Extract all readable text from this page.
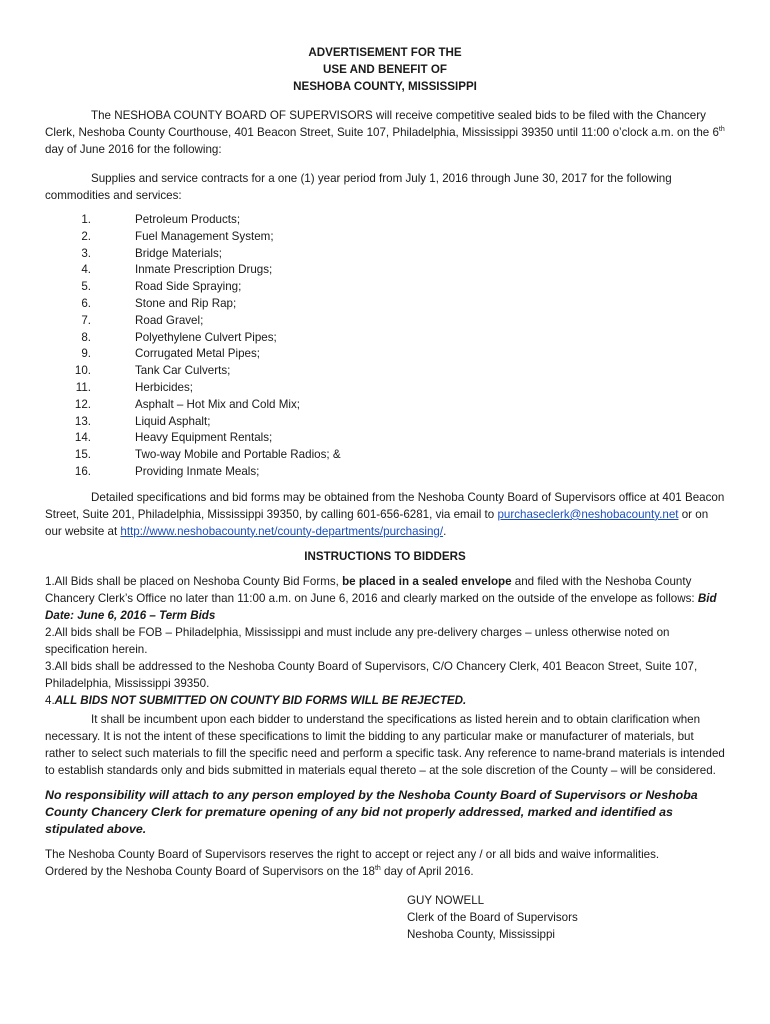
ADVERTISEMENT FOR THE
USE AND BENEFIT OF
NESHOBA COUNTY, MISSISSIPPI

The NESHOBA COUNTY BOARD OF SUPERVISORS will receive competitive sealed bids to be filed with the Chancery Clerk, Neshoba County Courthouse, 401 Beacon Street, Suite 107, Philadelphia, Mississippi 39350 until 11:00 o’clock a.m. on the 6th day of June 2016 for the following:

Supplies and service contracts for a one (1) year period from July 1, 2016 through June 30, 2017 for the following commodities and services:

1.	Petroleum Products;
2.	Fuel Management System;
3.	Bridge Materials;
4.	Inmate Prescription Drugs;
5.	Road Side Spraying;
6.	Stone and Rip Rap;
7.	Road Gravel;
8.	Polyethylene Culvert Pipes;
9.	Corrugated Metal Pipes;
10.	Tank Car Culverts;
11.	Herbicides;
12.	Asphalt – Hot Mix and Cold Mix;
13.	Liquid Asphalt;
14.	Heavy Equipment Rentals;
15.	Two-way Mobile and Portable Radios; &
16.	Providing Inmate Meals;

Detailed specifications and bid forms may be obtained from the Neshoba County Board of Supervisors office at 401 Beacon Street, Suite 201, Philadelphia, Mississippi 39350, by calling 601-656-6281, via email to purchaseclerk@neshobacounty.net or on our website at http://www.neshobacounty.net/county-departments/purchasing/.

INSTRUCTIONS TO BIDDERS

1.All Bids shall be placed on Neshoba County Bid Forms, be placed in a sealed envelope and filed with the Neshoba County Chancery Clerk’s Office no later than 11:00 a.m. on June 6, 2016 and clearly marked on the outside of the envelope as follows: Bid Date: June 6, 2016 – Term Bids

2.All bids shall be FOB – Philadelphia, Mississippi and must include any pre-delivery charges – unless otherwise noted on specification herein.

3.All bids shall be addressed to the Neshoba County Board of Supervisors, C/O Chancery Clerk, 401 Beacon Street, Suite 107, Philadelphia, Mississippi 39350.

4.ALL BIDS NOT SUBMITTED ON COUNTY BID FORMS WILL BE REJECTED.

It shall be incumbent upon each bidder to understand the specifications as listed herein and to obtain clarification when necessary. It is not the intent of these specifications to limit the bidding to any particular make or manufacturer of materials, but rather to select such materials to fill the specific need and perform a specific task. Any reference to name-brand materials is intended to establish standards only and bids submitted in materials equal thereto – at the sole discretion of the County – will be considered.

No responsibility will attach to any person employed by the Neshoba County Board of Supervisors or Neshoba County Chancery Clerk for premature opening of any bid not properly addressed, marked and identified as stipulated above.

The Neshoba County Board of Supervisors reserves the right to accept or reject any / or all bids and waive informalities.

Ordered by the Neshoba County Board of Supervisors on the 18th day of April 2016.

GUY NOWELL
Clerk of the Board of Supervisors
Neshoba County, Mississippi
